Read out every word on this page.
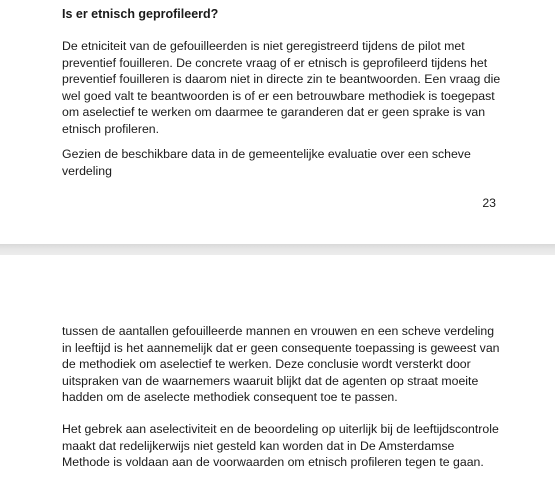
Is er etnisch geprofileerd?

De etniciteit van de gefouilleerden is niet geregistreerd tijdens de pilot met preventief fouilleren. De concrete vraag of er etnisch is geprofileerd tijdens het preventief fouilleren is daarom niet in directe zin te beantwoorden. Een vraag die wel goed valt te beantwoorden is of er een betrouwbare methodiek is toegepast om aselectief te werken om daarmee te garanderen dat er geen sprake is van etnisch profileren.

Gezien de beschikbare data in de gemeentelijke evaluatie over een scheve verdeling

23

tussen de aantallen gefouilleerde mannen en vrouwen en een scheve verdeling in leeftijd is het aannemelijk dat er geen consequente toepassing is geweest van de methodiek om aselectief te werken. Deze conclusie wordt versterkt door uitspraken van de waarnemers waaruit blijkt dat de agenten op straat moeite hadden om de aselecte methodiek consequent toe te passen.

Het gebrek aan aselectiviteit en de beoordeling op uiterlijk bij de leeftijdscontrole maakt dat redelijkerwijs niet gesteld kan worden dat in De Amsterdamse Methode is voldaan aan de voorwaarden om etnisch profileren tegen te gaan.
